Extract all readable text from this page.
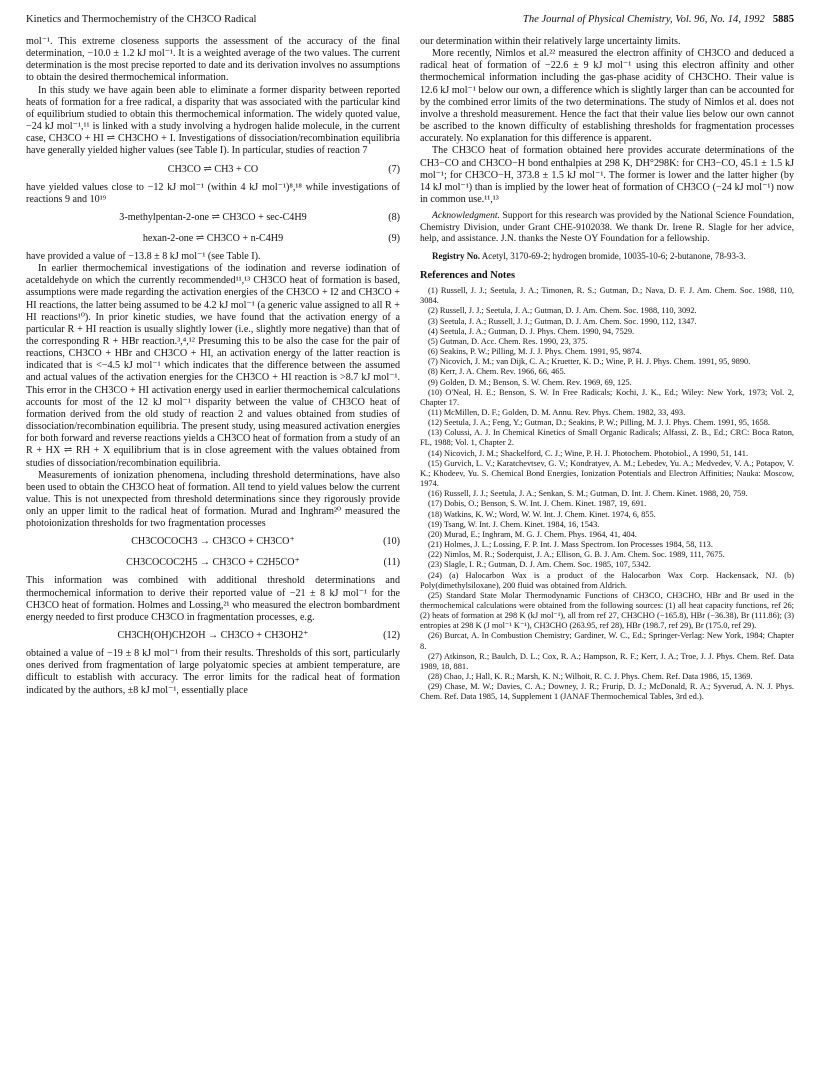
Kinetics and Thermochemistry of the CH3CO Radical	The Journal of Physical Chemistry, Vol. 96, No. 14, 1992 5885

mol⁻¹. This extreme closeness supports the assessment of the accuracy of the final determination, −10.0 ± 1.2 kJ mol⁻¹. It is a weighted average of the two values. The current determination is the most precise reported to date and its derivation involves no assumptions to obtain the desired thermochemical information.

In this study we have again been able to eliminate a former disparity between reported heats of formation for a free radical, a disparity that was associated with the particular kind of equilibrium studied to obtain this thermochemical information. The widely quoted value, −24 kJ mol⁻¹,¹¹ is linked with a study involving a hydrogen halide molecule, in the current case, CH3CO + HI ⇌ CH3CHO + I. Investigations of dissociation/recombination equilibria have generally yielded higher values (see Table I). In particular, studies of reaction 7

CH3CO ⇌ CH3 + CO	(7)

have yielded values close to −12 kJ mol⁻¹ (within 4 kJ mol⁻¹)⁸,¹⁸ while investigations of reactions 9 and 10¹⁹

3-methylpentan-2-one ⇌ CH3CO + sec-C4H9	(8)
hexan-2-one ⇌ CH3CO + n-C4H9	(9)

have provided a value of −13.8 ± 8 kJ mol⁻¹ (see Table I).

In earlier thermochemical investigations of the iodination and reverse iodination of acetaldehyde on which the currently recommended¹¹,¹³ CH3CO heat of formation is based, assumptions were made regarding the activation energies of the CH3CO + I2 and CH3CO + HI reactions, the latter being assumed to be 4.2 kJ mol⁻¹ (a generic value assigned to all R + HI reactions¹⁰). In prior kinetic studies, we have found that the activation energy of a particular R + HI reaction is usually slightly lower (i.e., slightly more negative) than that of the corresponding R + HBr reaction.³,⁴,¹² Presuming this to be also the case for the pair of reactions, CH3CO + HBr and CH3CO + HI, an activation energy of the latter reaction is indicated that is <−4.5 kJ mol⁻¹ which indicates that the difference between the assumed and actual values of the activation energies for the CH3CO + HI reaction is >8.7 kJ mol⁻¹. This error in the CH3CO + HI activation energy used in earlier thermochemical calculations accounts for most of the 12 kJ mol⁻¹ disparity between the value of CH3CO heat of formation derived from the old study of reaction 2 and values obtained from studies of dissociation/recombination equilibria. The present study, using measured activation energies for both forward and reverse reactions yields a CH3CO heat of formation from a study of an R + HX ⇌ RH + X equilibrium that is in close agreement with the values obtained from studies of dissociation/recombination equilibria.

Measurements of ionization phenomena, including threshold determinations, have also been used to obtain the CH3CO heat of formation. All tend to yield values below the current value. This is not unexpected from threshold determinations since they rigorously provide only an upper limit to the radical heat of formation. Murad and Inghram²⁰ measured the photoionization thresholds for two fragmentation processes

CH3COCOCH3 → CH3CO + CH3CO⁺	(10)
CH3COCOC2H5 → CH3CO + C2H5CO⁺	(11)

This information was combined with additional threshold determinations and thermochemical information to derive their reported value of −21 ± 8 kJ mol⁻¹ for the CH3CO heat of formation. Holmes and Lossing,²¹ who measured the electron bombardment energy needed to first produce CH3CO in fragmentation processes, e.g.

CH3CH(OH)CH2OH → CH3CO + CH3OH2⁺	(12)

obtained a value of −19 ± 8 kJ mol⁻¹ from their results. Thresholds of this sort, particularly ones derived from fragmentation of large polyatomic species at ambient temperature, are difficult to establish with accuracy. The error limits for the radical heat of formation indicated by the authors, ±8 kJ mol⁻¹, essentially place

our determination within their relatively large uncertainty limits.

More recently, Nimlos et al.²² measured the electron affinity of CH3CO and deduced a radical heat of formation of −22.6 ± 9 kJ mol⁻¹ using this electron affinity and other thermochemical information including the gas-phase acidity of CH3CHO. Their value is 12.6 kJ mol⁻¹ below our own, a difference which is slightly larger than can be accounted for by the combined error limits of the two determinations. The study of Nimlos et al. does not involve a threshold measurement. Hence the fact that their value lies below our own cannot be ascribed to the known difficulty of establishing thresholds for fragmentation processes accurately. No explanation for this difference is apparent.

The CH3CO heat of formation obtained here provides accurate determinations of the CH3−CO and CH3CO−H bond enthalpies at 298 K, DH°298K: for CH3−CO, 45.1 ± 1.5 kJ mol⁻¹; for CH3CO−H, 373.8 ± 1.5 kJ mol⁻¹. The former is lower and the latter higher (by 14 kJ mol⁻¹) than is implied by the lower heat of formation of CH3CO (−24 kJ mol⁻¹) now in common use.¹¹,¹³

Acknowledgment. Support for this research was provided by the National Science Foundation, Chemistry Division, under Grant CHE-9102038. We thank Dr. Irene R. Slagle for her advice, help, and assistance. J.N. thanks the Neste OY Foundation for a fellowship.

Registry No. Acetyl, 3170-69-2; hydrogen bromide, 10035-10-6; 2-butanone, 78-93-3.

References and Notes

(1) Russell, J. J.; Seetula, J. A.; Timonen, R. S.; Gutman, D.; Nava, D. F. J. Am. Chem. Soc. 1988, 110, 3084.

(2) Russell, J. J.; Seetula, J. A.; Gutman, D. J. Am. Chem. Soc. 1988, 110, 3092.

(3) Seetula, J. A.; Russell, J. J.; Gutman, D. J. Am. Chem. Soc. 1990, 112, 1347.

(4) Seetula, J. A.; Gutman, D. J. Phys. Chem. 1990, 94, 7529.

(5) Gutman, D. Acc. Chem. Res. 1990, 23, 375.

(6) Seakins, P. W.; Pilling, M. J. J. Phys. Chem. 1991, 95, 9874.

(7) Nicovich, J. M.; van Dijk, C. A.; Kruetter, K. D.; Wine, P. H. J. Phys. Chem. 1991, 95, 9890.

(8) Kerr, J. A. Chem. Rev. 1966, 66, 465.

(9) Golden, D. M.; Benson, S. W. Chem. Rev. 1969, 69, 125.

(10) O'Neal, H. E.; Benson, S. W. In Free Radicals; Kochi, J. K., Ed.; Wiley: New York, 1973; Vol. 2, Chapter 17.

(11) McMillen, D. F.; Golden, D. M. Annu. Rev. Phys. Chem. 1982, 33, 493.

(12) Seetula, J. A.; Feng, Y.; Gutman, D.; Seakins, P. W.; Pilling, M. J. J. Phys. Chem. 1991, 95, 1658.

(13) Colussi, A. J. In Chemical Kinetics of Small Organic Radicals; Alfassi, Z. B., Ed.; CRC: Boca Raton, FL, 1988; Vol. 1, Chapter 2.

(14) Nicovich, J. M.; Shackelford, C. J.; Wine, P. H. J. Photochem. Photobiol., A 1990, 51, 141.

(15) Gurvich, L. V.; Karatchevtsev, G. V.; Kondratyev, A. M.; Lebedev, Yu. A.; Medvedev, V. A.; Potapov, V. K.; Khodeev, Yu. S. Chemical Bond Energies, Ionization Potentials and Electron Affinities; Nauka: Moscow, 1974.

(16) Russell, J. J.; Seetula, J. A.; Senkan, S. M.; Gutman, D. Int. J. Chem. Kinet. 1988, 20, 759.

(17) Dobis, O.; Benson, S. W. Int. J. Chem. Kinet. 1987, 19, 691.

(18) Watkins, K. W.; Word, W. W. Int. J. Chem. Kinet. 1974, 6, 855.

(19) Tsang, W. Int. J. Chem. Kinet. 1984, 16, 1543.

(20) Murad, E.; Inghram, M. G. J. Chem. Phys. 1964, 41, 404.

(21) Holmes, J. L.; Lossing, F. P. Int. J. Mass Spectrom. Ion Processes 1984, 58, 113.

(22) Nimlos, M. R.; Soderquist, J. A.; Ellison, G. B. J. Am. Chem. Soc. 1989, 111, 7675.

(23) Slagle, I. R.; Gutman, D. J. Am. Chem. Soc. 1985, 107, 5342.

(24) (a) Halocarbon Wax is a product of the Halocarbon Wax Corp. Hackensack, NJ. (b) Poly(dimethylsiloxane), 200 fluid was obtained from Aldrich.

(25) Standard State Molar Thermodynamic Functions of CH3CO, CH3CHO, HBr and Br used in the thermochemical calculations were obtained from the following sources: (1) all heat capacity functions, ref 26; (2) heats of formation at 298 K (kJ mol⁻¹), all from ref 27, CH3CHO (−165.8), HBr (−36.38), Br (111.86); (3) entropies at 298 K (J mol⁻¹ K⁻¹), CH3CHO (263.95, ref 28), HBr (198.7, ref 29), Br (175.0, ref 29).

(26) Burcat, A. In Combustion Chemistry; Gardiner, W. C., Ed.; Springer-Verlag: New York, 1984; Chapter 8.

(27) Atkinson, R.; Baulch, D. L.; Cox, R. A.; Hampson, R. F.; Kerr, J. A.; Troe, J. J. Phys. Chem. Ref. Data 1989, 18, 881.

(28) Chao, J.; Hall, K. R.; Marsh, K. N.; Wilhoit, R. C. J. Phys. Chem. Ref. Data 1986, 15, 1369.

(29) Chase, M. W.; Davies, C. A.; Downey, J. R.; Frurip, D. J.; McDonald, R. A.; Syverud, A. N. J. Phys. Chem. Ref. Data 1985, 14, Supplement 1 (JANAF Thermochemical Tables, 3rd ed.).
